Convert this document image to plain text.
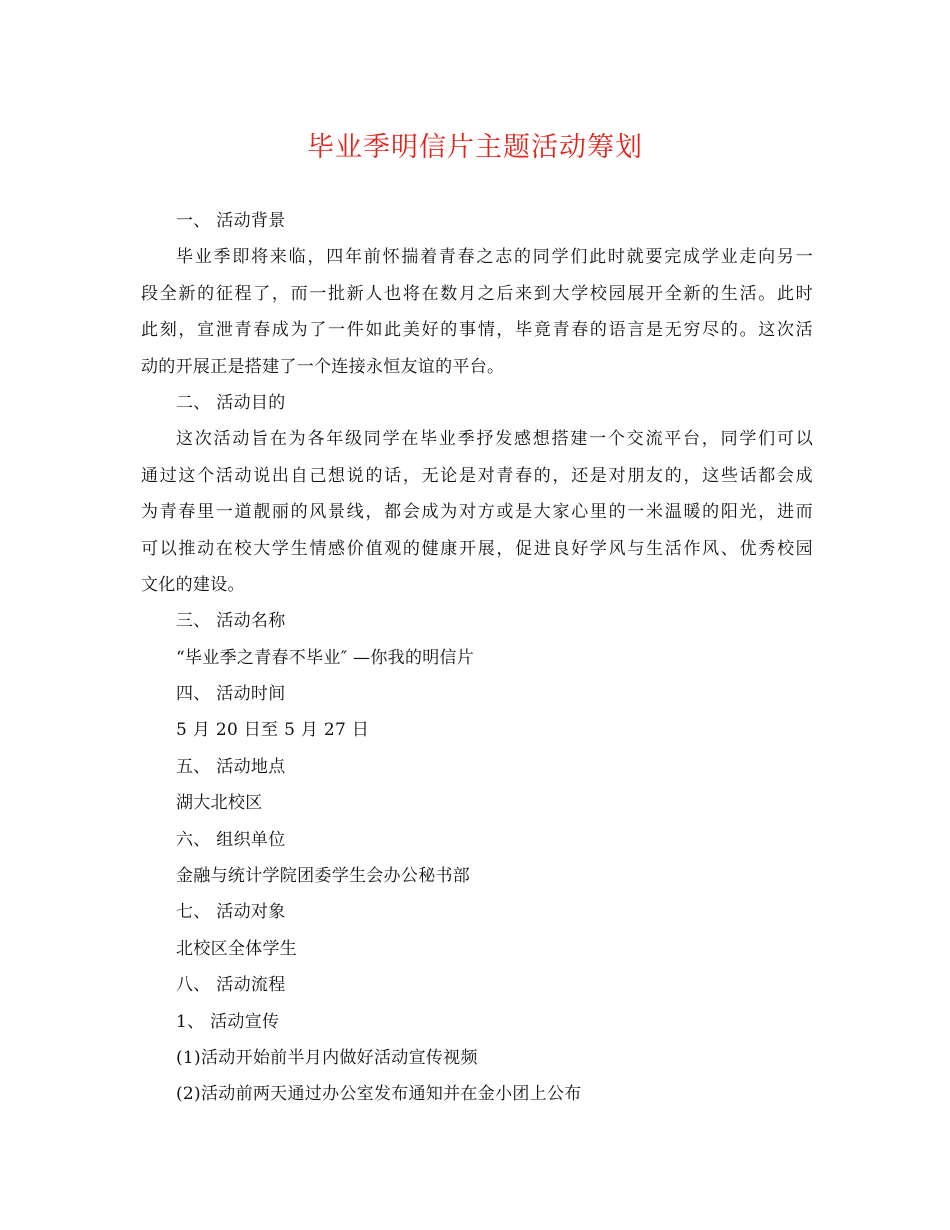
毕业季明信片主题活动筹划
一、 活动背景
毕业季即将来临，四年前怀揣着青春之志的同学们此时就要完成学业走向另一
段全新的征程了，而一批新人也将在数月之后来到大学校园展开全新的生活。此时
此刻，宣泄青春成为了一件如此美好的事情，毕竟青春的语言是无穷尽的。这次活
动的开展正是搭建了一个连接永恒友谊的平台。
二、 活动目的
这次活动旨在为各年级同学在毕业季抒发感想搭建一个交流平台，同学们可以
通过这个活动说出自己想说的话，无论是对青春的，还是对朋友的，这些话都会成
为青春里一道靓丽的风景线，都会成为对方或是大家心里的一米温暖的阳光，进而
可以推动在校大学生情感价值观的健康开展，促进良好学风与生活作风、优秀校园
文化的建设。
三、 活动名称
“毕业季之青春不毕业″ —你我的明信片
四、 活动时间
5 月 20 日至 5 月 27 日
五、 活动地点
湖大北校区
六、 组织单位
金融与统计学院团委学生会办公秘书部
七、 活动对象
北校区全体学生
八、 活动流程
1、 活动宣传
(1)活动开始前半月内做好活动宣传视频
(2)活动前两天通过办公室发布通知并在金小团上公布
